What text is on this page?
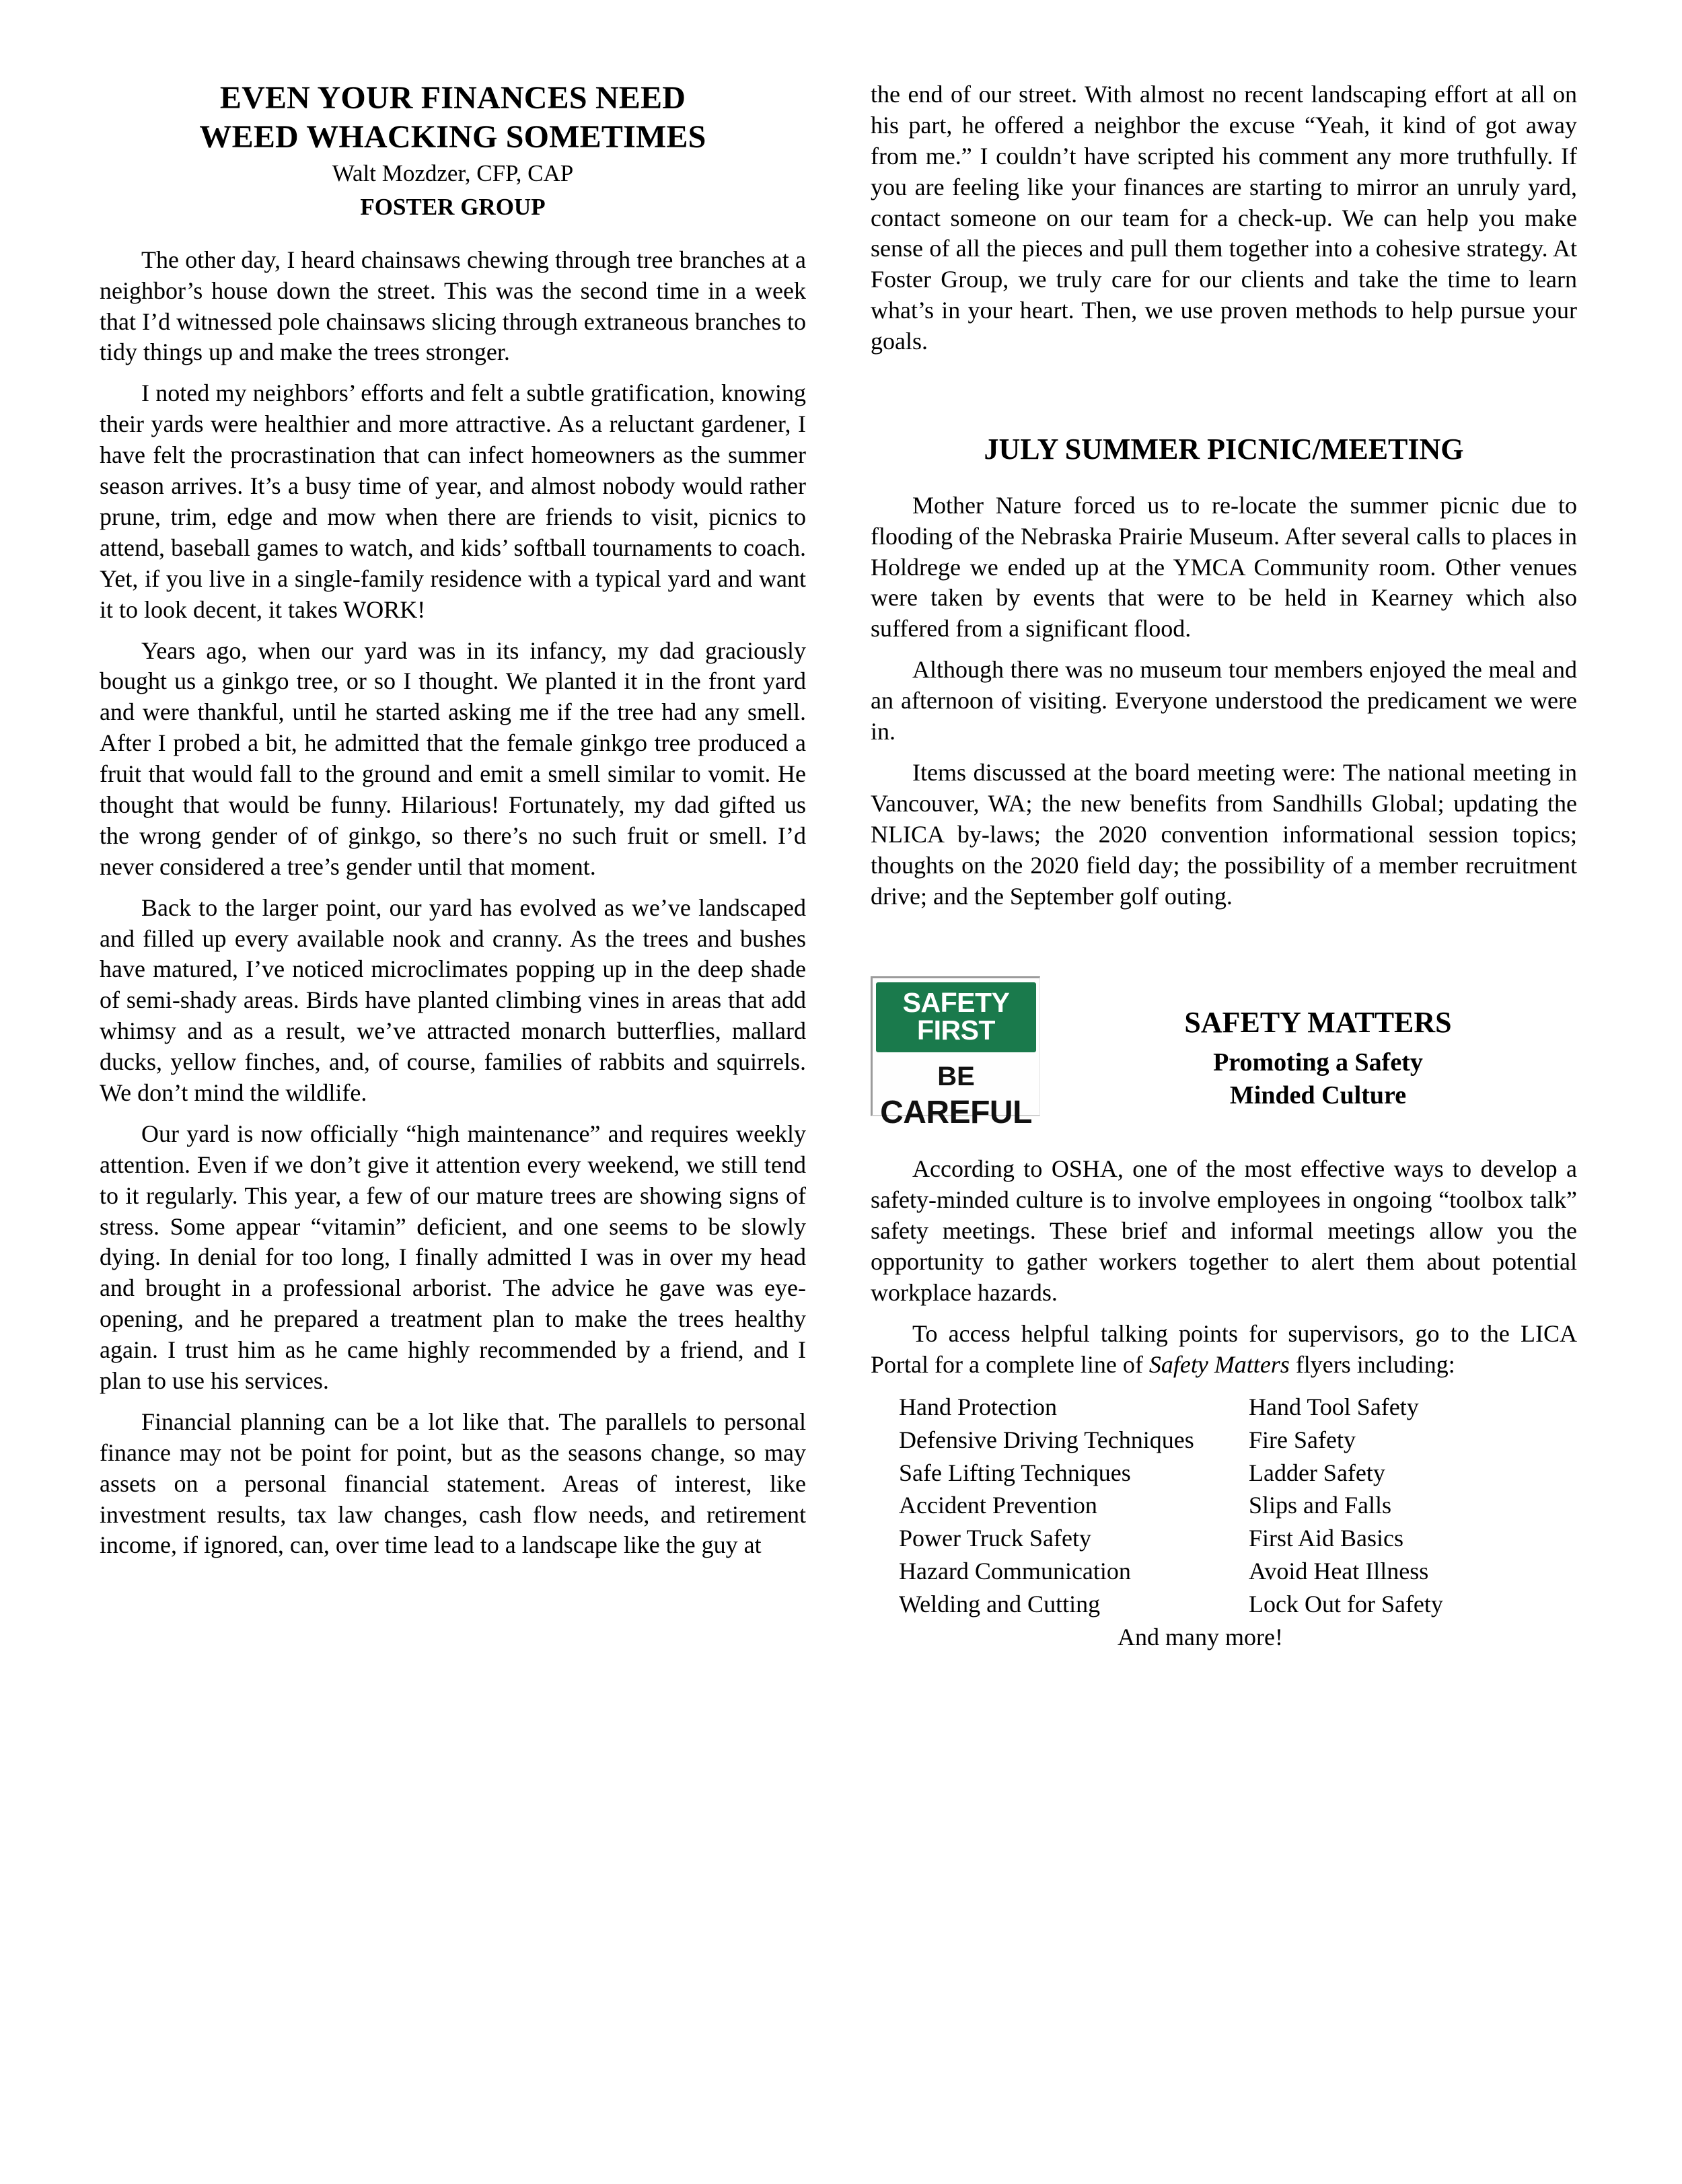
EVEN YOUR FINANCES NEED
WEED WHACKING SOMETIMES
Walt Mozdzer, CFP, CAP
FOSTER GROUP

The other day, I heard chainsaws chewing through tree branches at a neighbor’s house down the street. This was the second time in a week that I’d witnessed pole chainsaws slicing through extraneous branches to tidy things up and make the trees stronger.

I noted my neighbors’ efforts and felt a subtle gratification, knowing their yards were healthier and more attractive. As a reluctant gardener, I have felt the procrastination that can infect homeowners as the summer season arrives. It’s a busy time of year, and almost nobody would rather prune, trim, edge and mow when there are friends to visit, picnics to attend, baseball games to watch, and kids’ softball tournaments to coach. Yet, if you live in a single-family residence with a typical yard and want it to look decent, it takes WORK!

Years ago, when our yard was in its infancy, my dad graciously bought us a ginkgo tree, or so I thought. We planted it in the front yard and were thankful, until he started asking me if the tree had any smell. After I probed a bit, he admitted that the female ginkgo tree produced a fruit that would fall to the ground and emit a smell similar to vomit. He thought that would be funny. Hilarious! Fortunately, my dad gifted us the wrong gender of of ginkgo, so there’s no such fruit or smell. I’d never considered a tree’s gender until that moment.

Back to the larger point, our yard has evolved as we’ve landscaped and filled up every available nook and cranny. As the trees and bushes have matured, I’ve noticed microclimates popping up in the deep shade of semi-shady areas. Birds have planted climbing vines in areas that add whimsy and as a result, we’ve attracted monarch butterflies, mallard ducks, yellow finches, and, of course, families of rabbits and squirrels. We don’t mind the wildlife.

Our yard is now officially “high maintenance” and requires weekly attention. Even if we don’t give it attention every weekend, we still tend to it regularly. This year, a few of our mature trees are showing signs of stress. Some appear “vitamin” deficient, and one seems to be slowly dying. In denial for too long, I finally admitted I was in over my head and brought in a professional arborist. The advice he gave was eye-opening, and he prepared a treatment plan to make the trees healthy again. I trust him as he came highly recommended by a friend, and I plan to use his services.

Financial planning can be a lot like that. The parallels to personal finance may not be point for point, but as the seasons change, so may assets on a personal financial statement. Areas of interest, like investment results, tax law changes, cash flow needs, and retirement income, if ignored, can, over time lead to a landscape like the guy at

the end of our street. With almost no recent landscaping effort at all on his part, he offered a neighbor the excuse “Yeah, it kind of got away from me.” I couldn’t have scripted his comment any more truthfully. If you are feeling like your finances are starting to mirror an unruly yard, contact someone on our team for a check-up. We can help you make sense of all the pieces and pull them together into a cohesive strategy. At Foster Group, we truly care for our clients and take the time to learn what’s in your heart. Then, we use proven methods to help pursue your goals.

JULY SUMMER PICNIC/MEETING

Mother Nature forced us to re-locate the summer picnic due to flooding of the Nebraska Prairie Museum. After several calls to places in Holdrege we ended up at the YMCA Community room. Other venues were taken by events that were to be held in Kearney which also suffered from a significant flood.

Although there was no museum tour members enjoyed the meal and an afternoon of visiting. Everyone understood the predicament we were in.

Items discussed at the board meeting were: The national meeting in Vancouver, WA; the new benefits from Sandhills Global; updating the NLICA by-laws; the 2020 convention informational session topics; thoughts on the 2020 field day; the possibility of a member recruitment drive; and the September golf outing.

SAFETY FIRST
BE
CAREFUL
SAFETY MATTERS
Promoting a Safety
Minded Culture

According to OSHA, one of the most effective ways to develop a safety-minded culture is to involve employees in ongoing “toolbox talk” safety meetings. These brief and informal meetings allow you the opportunity to gather workers together to alert them about potential workplace hazards.

To access helpful talking points for supervisors, go to the LICA Portal for a complete line of Safety Matters flyers including:

Hand Protection	Hand Tool Safety
Defensive Driving Techniques	Fire Safety
Safe Lifting Techniques	Ladder Safety
Accident Prevention	Slips and Falls
Power Truck Safety	First Aid Basics
Hazard Communication	Avoid Heat Illness
Welding and Cutting	Lock Out for Safety

And many more!
